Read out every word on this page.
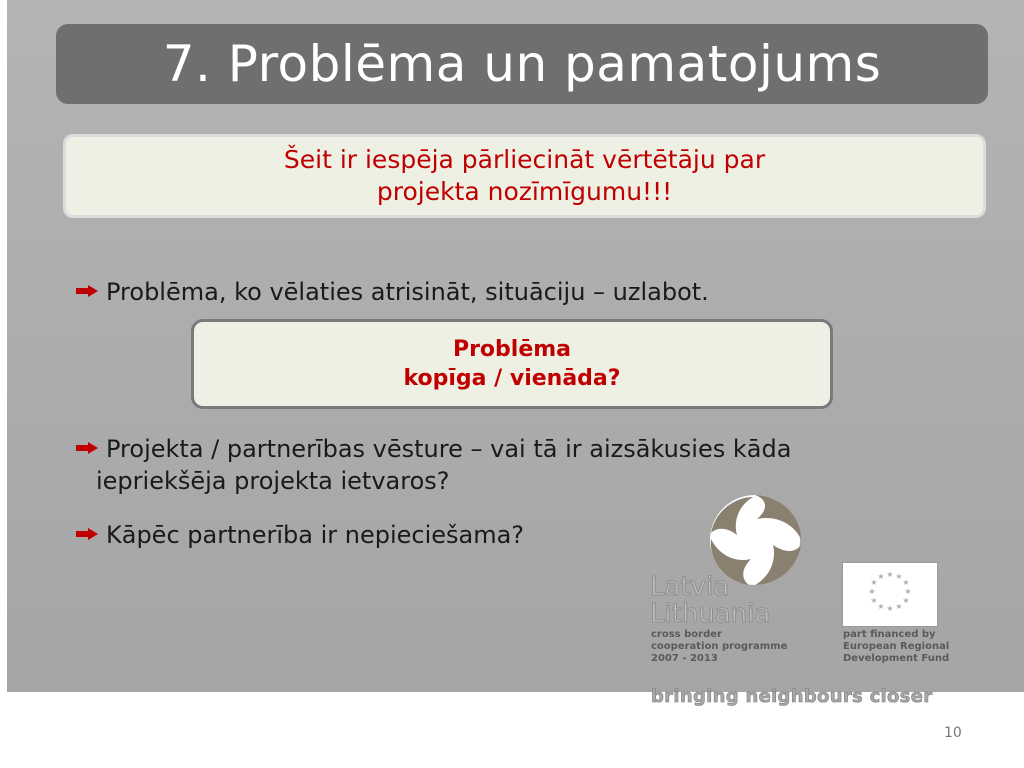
7. Problēma un pamatojums
Šeit ir iespēja pārliecināt vērtētāju par
projekta nozīmīgumu!!!
Problēma, ko vēlaties atrisināt, situāciju – uzlabot.
Problēma
kopīga / vienāda?
Projekta / partnerības vēsture – vai tā ir aizsākusies kāda
iepriekšēja projekta ietvaros?
Kāpēc partnerība ir nepieciešama?
Latvia
Lithuania
cross border
cooperation programme
2007 - 2013
★ ★
★
★
★
★
★
★
★
★
★
★
part financed by
European Regional
Development Fund
bringing neighbours closer
10
